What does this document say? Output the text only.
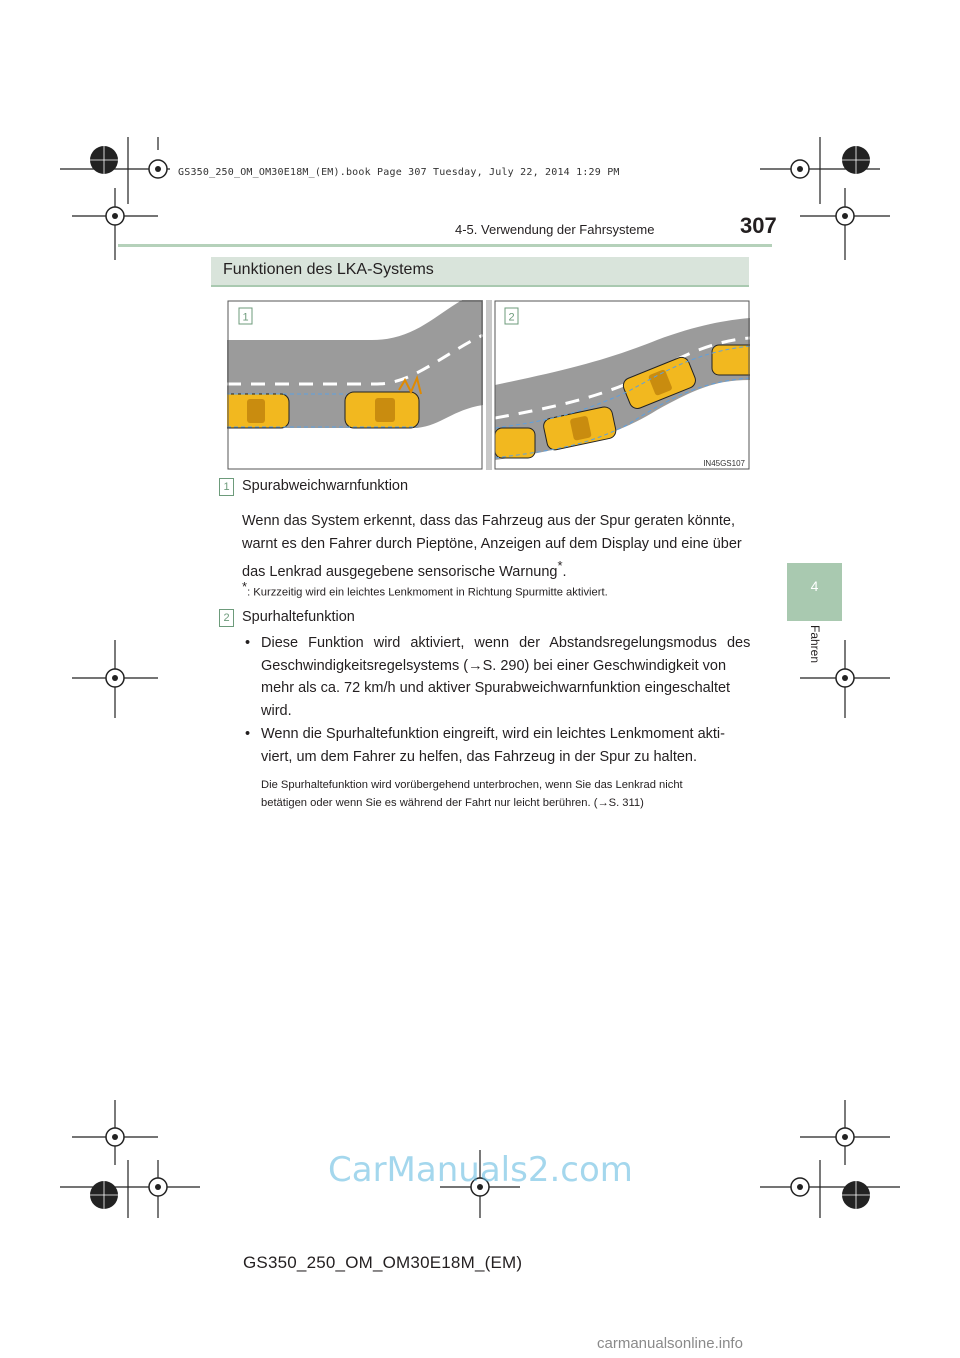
GS350_250_OM_OM30E18M_(EM).book Page 307 Tuesday, July 22, 2014 1:29 PM
4-5. Verwendung der Fahrsysteme	307
4
Fahren
Funktionen des LKA-Systems
1	2
IN45GS107
1 Spurabweichwarnfunktion
Wenn das System erkennt, dass das Fahrzeug aus der Spur geraten könnte,
warnt es den Fahrer durch Pieptöne, Anzeigen auf dem Display und eine über
das Lenkrad ausgegebene sensorische Warnung*.
*: Kurzzeitig wird ein leichtes Lenkmoment in Richtung Spurmitte aktiviert.
2 Spurhaltefunktion
• Diese Funktion wird aktiviert, wenn der Abstandsregelungsmodus des
Geschwindigkeitsregelsystems (→S. 290) bei einer Geschwindigkeit von
mehr als ca. 72 km/h und aktiver Spurabweichwarnfunktion eingeschaltet
wird.
• Wenn die Spurhaltefunktion eingreift, wird ein leichtes Lenkmoment akti-
viert, um dem Fahrer zu helfen, das Fahrzeug in der Spur zu halten.
Die Spurhaltefunktion wird vorübergehend unterbrochen, wenn Sie das Lenkrad nicht
betätigen oder wenn Sie es während der Fahrt nur leicht berühren. (→S. 311)
CarManuals2.com
GS350_250_OM_OM30E18M_(EM)
carmanualsonline.info
